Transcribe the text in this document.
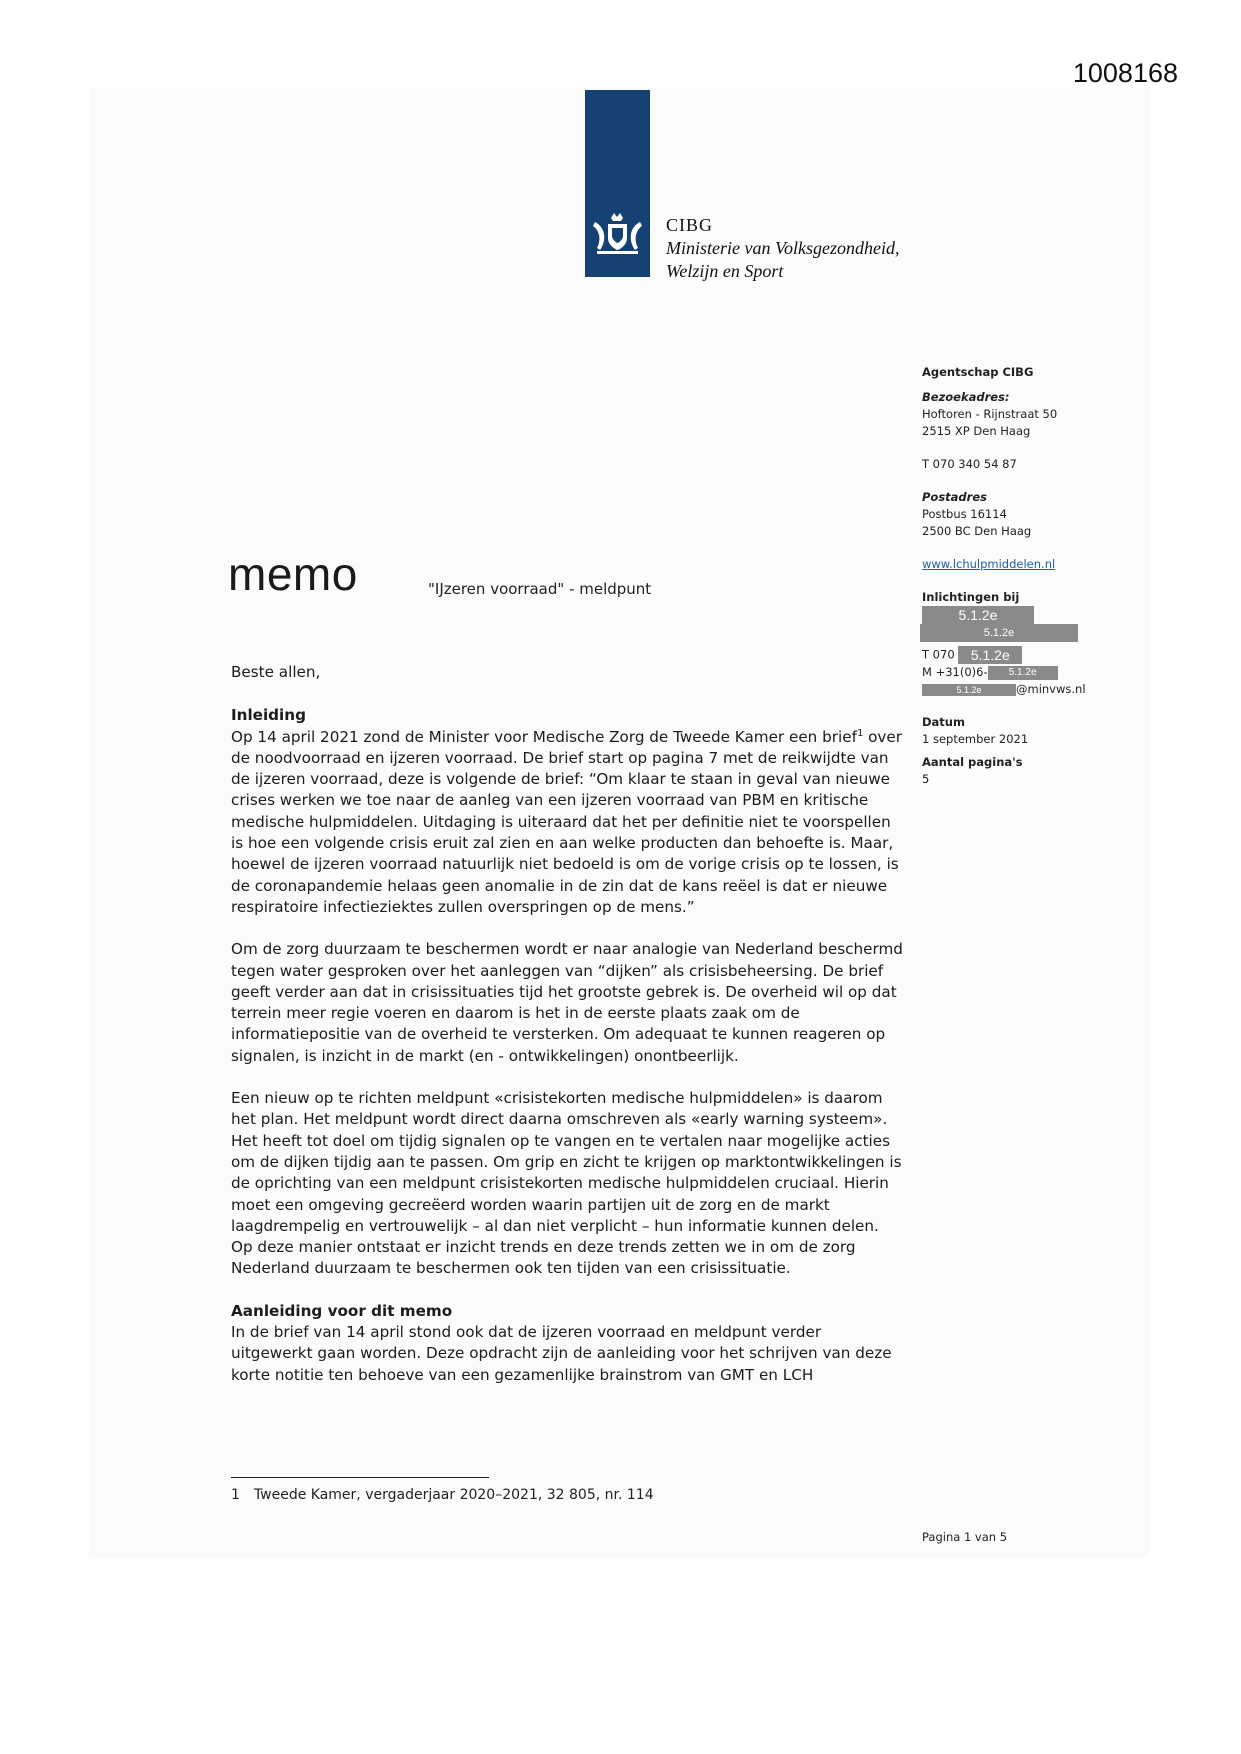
1008168
CIBG
Ministerie van Volksgezondheid,
Welzijn en Sport
Agentschap CIBG
Bezoekadres:
Hoftoren - Rijnstraat 50
2515 XP Den Haag
T 070 340 54 87
Postadres
Postbus 16114
2500 BC Den Haag
www.lchulpmiddelen.nl
Inlichtingen bij
5.1.2e
5.1.2e
T 070 5.1.2e
M +31(0)6- 5.1.2e
5.1.2e	@minvws.nl
Datum
1 september 2021
Aantal pagina's
5
memo	"IJzeren voorraad" - meldpunt

Beste allen,

Inleiding

Op 14 april 2021 zond de Minister voor Medische Zorg de Tweede Kamer een brief$^1$ over de noodvoorraad en ijzeren voorraad. De brief start op pagina 7 met de reikwijdte van de ijzeren voorraad, deze is volgende de brief: “Om klaar te staan in geval van nieuwe crises werken we toe naar de aanleg van een ijzeren voorraad van PBM en kritische medische hulpmiddelen. Uitdaging is uiteraard dat het per definitie niet te voorspellen is hoe een volgende crisis eruit zal zien en aan welke producten dan behoefte is. Maar, hoewel de ijzeren voorraad natuurlijk niet bedoeld is om de vorige crisis op te lossen, is de coronapandemie helaas geen anomalie in de zin dat de kans reëel is dat er nieuwe respiratoire infectieziektes zullen overspringen op de mens.”

Om de zorg duurzaam te beschermen wordt er naar analogie van Nederland beschermd tegen water gesproken over het aanleggen van “dijken” als crisisbeheersing. De brief geeft verder aan dat in crisissituaties tijd het grootste gebrek is. De overheid wil op dat terrein meer regie voeren en daarom is het in de eerste plaats zaak om de informatiepositie van de overheid te versterken. Om adequaat te kunnen reageren op signalen, is inzicht in de markt (en - ontwikkelingen) onontbeerlijk.

Een nieuw op te richten meldpunt «crisistekorten medische hulpmiddelen» is daarom het plan. Het meldpunt wordt direct daarna omschreven als «early warning systeem». Het heeft tot doel om tijdig signalen op te vangen en te vertalen naar mogelijke acties om de dijken tijdig aan te passen. Om grip en zicht te krijgen op marktontwikkelingen is de oprichting van een meldpunt crisistekorten medische hulpmiddelen cruciaal. Hierin moet een omgeving gecreëerd worden waarin partijen uit de zorg en de markt laagdrempelig en vertrouwelijk – al dan niet verplicht – hun informatie kunnen delen. Op deze manier ontstaat er inzicht trends en deze trends zetten we in om de zorg Nederland duurzaam te beschermen ook ten tijden van een crisissituatie.

Aanleiding voor dit memo

In de brief van 14 april stond ook dat de ijzeren voorraad en meldpunt verder uitgewerkt gaan worden. Deze opdracht zijn de aanleiding voor het schrijven van deze korte notitie ten behoeve van een gezamenlijke brainstrom van GMT en LCH

1 Tweede Kamer, vergaderjaar 2020–2021, 32 805, nr. 114
Pagina 1 van 5
